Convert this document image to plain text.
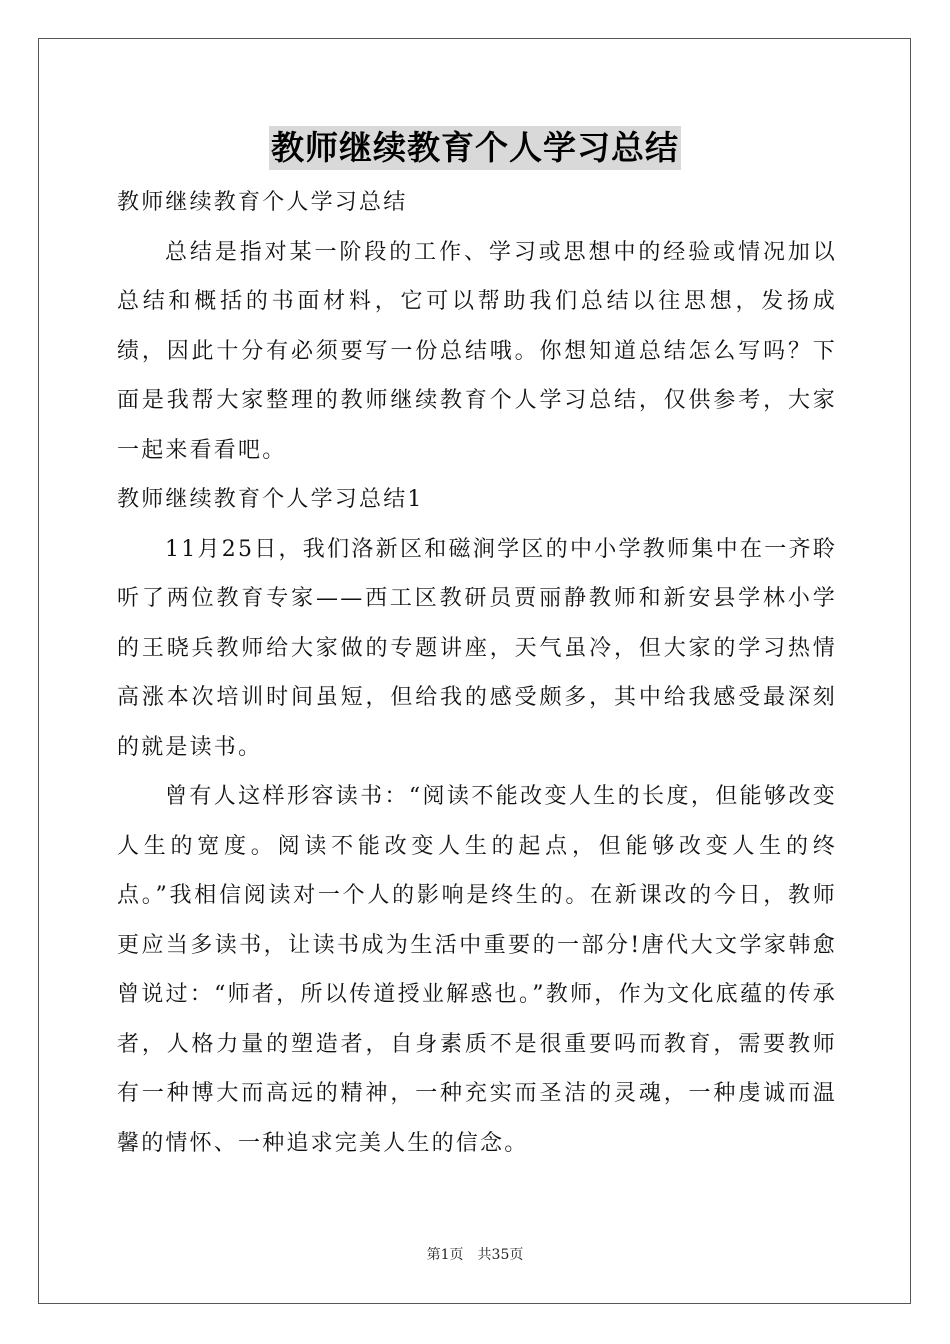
教师继续教育个人学习总结

教师继续教育个人学习总结

总结是指对某一阶段的工作、学习或思想中的经验或情况加以总结和概括的书面材料，它可以帮助我们总结以往思想，发扬成绩，因此十分有必须要写一份总结哦。你想知道总结怎么写吗？下面是我帮大家整理的教师继续教育个人学习总结，仅供参考，大家一起来看看吧。

教师继续教育个人学习总结1

11月25日，我们洛新区和磁涧学区的中小学教师集中在一齐聆听了两位教育专家——西工区教研员贾丽静教师和新安县学林小学的王晓兵教师给大家做的专题讲座，天气虽冷，但大家的学习热情高涨本次培训时间虽短，但给我的感受颇多，其中给我感受最深刻的就是读书。

曾有人这样形容读书：“阅读不能改变人生的长度，但能够改变人生的宽度。阅读不能改变人生的起点，但能够改变人生的终点。”我相信阅读对一个人的影响是终生的。在新课改的今日，教师更应当多读书，让读书成为生活中重要的一部分!唐代大文学家韩愈曾说过：“师者，所以传道授业解惑也。”教师，作为文化底蕴的传承者，人格力量的塑造者，自身素质不是很重要吗而教育，需要教师有一种博大而高远的精神，一种充实而圣洁的灵魂，一种虔诚而温馨的情怀、一种追求完美人生的信念。

第1页　共35页
